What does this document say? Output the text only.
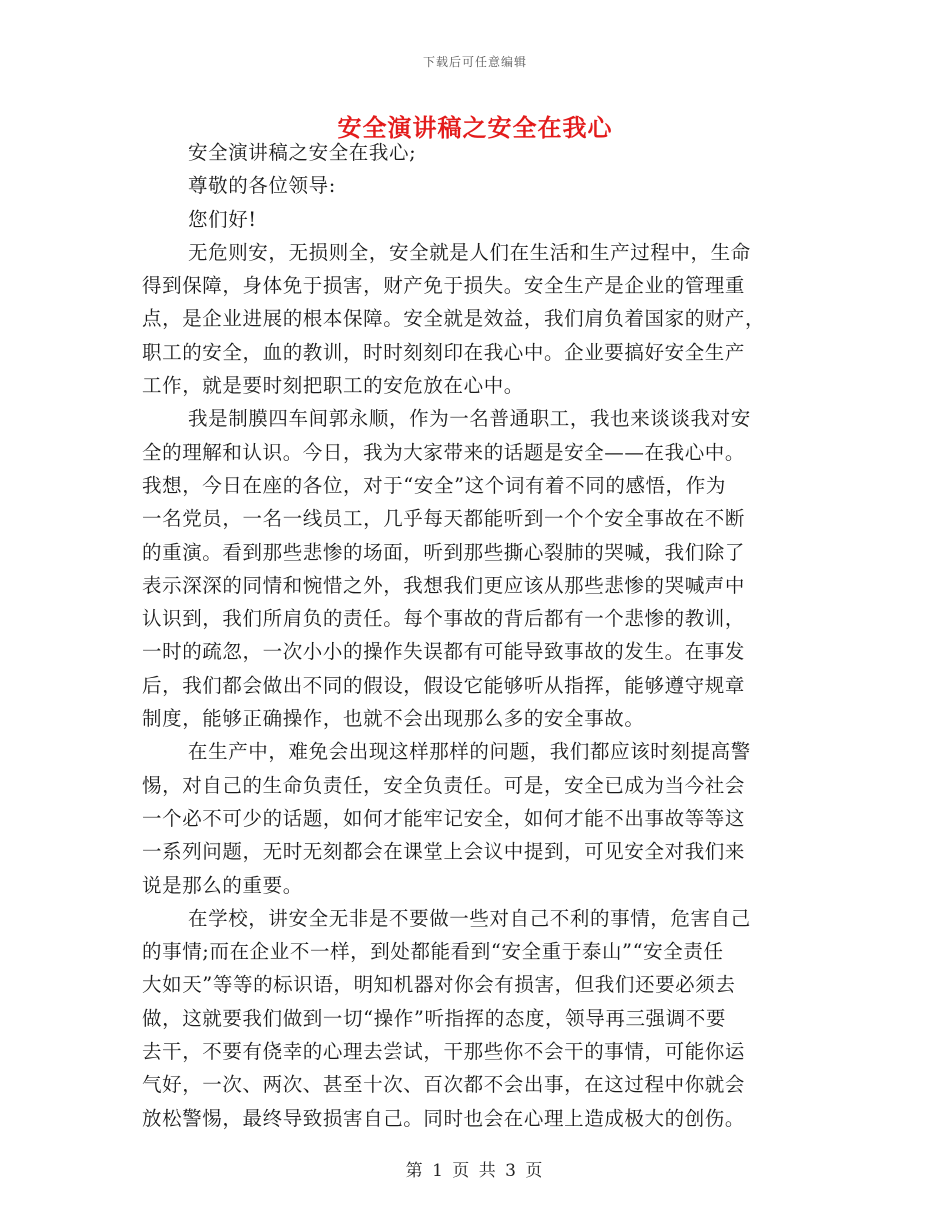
下载后可任意编辑
安全演讲稿之安全在我心
安全演讲稿之安全在我心;
尊敬的各位领导:
您们好!
无危则安，无损则全，安全就是人们在生活和生产过程中，生命
得到保障，身体免于损害，财产免于损失。安全生产是企业的管理重
点，是企业进展的根本保障。安全就是效益，我们肩负着国家的财产，
职工的安全，血的教训，时时刻刻印在我心中。企业要搞好安全生产
工作，就是要时刻把职工的安危放在心中。
我是制膜四车间郭永顺，作为一名普通职工，我也来谈谈我对安
全的理解和认识。今日，我为大家带来的话题是安全——在我心中。
我想，今日在座的各位，对于“安全”这个词有着不同的感悟，作为
一名党员，一名一线员工，几乎每天都能听到一个个安全事故在不断
的重演。看到那些悲惨的场面，听到那些撕心裂肺的哭喊，我们除了
表示深深的同情和惋惜之外，我想我们更应该从那些悲惨的哭喊声中
认识到，我们所肩负的责任。每个事故的背后都有一个悲惨的教训，
一时的疏忽，一次小小的操作失误都有可能导致事故的发生。在事发
后，我们都会做出不同的假设，假设它能够听从指挥，能够遵守规章
制度，能够正确操作，也就不会出现那么多的安全事故。
在生产中，难免会出现这样那样的问题，我们都应该时刻提高警
惕，对自己的生命负责任，安全负责任。可是，安全已成为当今社会
一个必不可少的话题，如何才能牢记安全，如何才能不出事故等等这
一系列问题，无时无刻都会在课堂上会议中提到，可见安全对我们来
说是那么的重要。
在学校，讲安全无非是不要做一些对自己不利的事情，危害自己
的事情;而在企业不一样，到处都能看到“安全重于泰山”“安全责任
大如天”等等的标识语，明知机器对你会有损害，但我们还要必须去
做，这就要我们做到一切“操作”听指挥的态度，领导再三强调不要
去干，不要有侥幸的心理去尝试，干那些你不会干的事情，可能你运
气好，一次、两次、甚至十次、百次都不会出事，在这过程中你就会
放松警惕，最终导致损害自己。同时也会在心理上造成极大的创伤。
第 1 页 共 3 页
